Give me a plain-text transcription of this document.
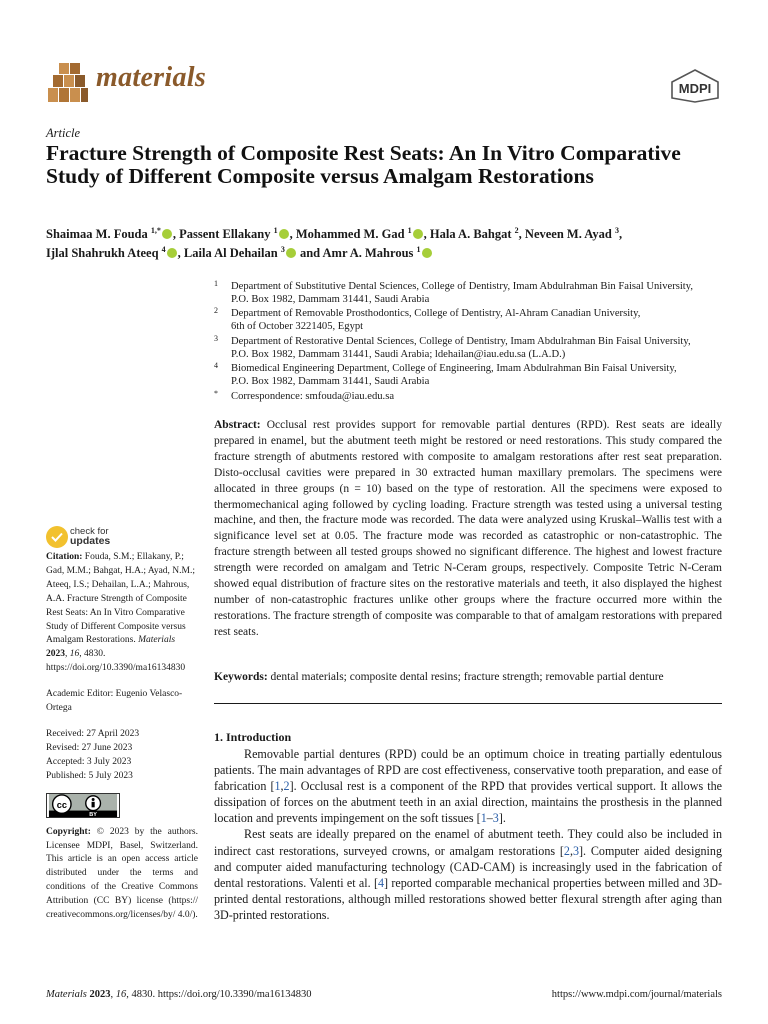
materials	MDPI
Article
Fracture Strength of Composite Rest Seats: An In Vitro Comparative Study of Different Composite versus Amalgam Restorations
Shaimaa M. Fouda $^{1,*}$ , Passent Ellakany $^1$ , Mohammed M. Gad $^1$ , Hala A. Bahgat $^2$, Neveen M. Ayad $^3$,
Ijlal Shahrukh Ateeq $^4$ , Laila Al Dehailan $^3$ and Amr A. Mahrous $^1$
1 Department of Substitutive Dental Sciences, College of Dentistry, Imam Abdulrahman Bin Faisal University,
P.O. Box 1982, Dammam 31441, Saudi Arabia
2 Department of Removable Prosthodontics, College of Dentistry, Al-Ahram Canadian University,
6th of October 3221405, Egypt
3 Department of Restorative Dental Sciences, College of Dentistry, Imam Abdulrahman Bin Faisal University,
P.O. Box 1982, Dammam 31441, Saudi Arabia; ldehailan@iau.edu.sa (L.A.D.)
4 Biomedical Engineering Department, College of Engineering, Imam Abdulrahman Bin Faisal University,
P.O. Box 1982, Dammam 31441, Saudi Arabia
* Correspondence: smfouda@iau.edu.sa
Abstract: Occlusal rest provides support for removable partial dentures (RPD). Rest seats are ideally prepared in enamel, but the abutment teeth might be restored or need restorations. This study compared the fracture strength of abutments restored with composite to amalgam restorations after rest seat preparation. Disto-occlusal cavities were prepared in 30 extracted human maxillary premolars. The specimens were allocated in three groups (n = 10) based on the type of restoration. All the specimens were exposed to thermomechanical aging followed by cycling loading. Fracture strength was tested using a universal testing machine, and then, the fracture mode was recorded. The data were analyzed using Kruskal–Wallis test with a significance level set at 0.05. The fracture mode was recorded as catastrophic or non-catastrophic. The fracture strength between all tested groups showed no significant difference. The highest and lowest fracture strength were recorded on amalgam and Tetric N-Ceram groups, respectively. Composite Tetric N-Ceram showed equal distribution of fracture sites on the restorative materials and teeth, it also displayed the highest number of non-catastrophic fractures unlike other groups where the fracture occurred more within the restorations. The fracture strength of composite was comparable to that of amalgam restorations with prepared rest seats.
Keywords: dental materials; composite dental resins; fracture strength; removable partial denture
1. Introduction

Removable partial dentures (RPD) could be an optimum choice in treating partially edentulous patients. The main advantages of RPD are cost effectiveness, conservative tooth preparation, and ease of fabrication [1,2]. Occlusal rest is a component of the RPD that provides vertical support. It allows the dissipation of forces on the abutment teeth in an axial direction, maintains the prosthesis in the planned location and prevents impingement on the soft tissues [1–3].

Rest seats are ideally prepared on the enamel of abutment teeth. They could also be included in indirect cast restorations, surveyed crowns, or amalgam restorations [2,3]. Computer aided designing and computer aided manufacturing technology (CAD-CAM) is increasingly used in the fabrication of dental restorations. Valenti et al. [4] reported comparable mechanical properties between milled and 3D-printed dental restorations, although milled restorations showed better flexural strength after aging than 3D-printed restorations.

check for
updates
Citation: Fouda, S.M.; Ellakany, P.; Gad, M.M.; Bahgat, H.A.; Ayad, N.M.; Ateeq, I.S.; Dehailan, L.A.; Mahrous, A.A. Fracture Strength of Composite Rest Seats: An In Vitro Comparative Study of Different Composite versus Amalgam Restorations. Materials 2023, 16, 4830. https://doi.org/10.3390/ma16134830
Academic Editor: Eugenio Velasco-Ortega
Received: 27 April 2023
Revised: 27 June 2023
Accepted: 3 July 2023
Published: 5 July 2023
cc
BY
Copyright: © 2023 by the authors. Licensee MDPI, Basel, Switzerland. This article is an open access article distributed under the terms and conditions of the Creative Commons Attribution (CC BY) license (https:// creativecommons.org/licenses/by/ 4.0/).
Materials 2023, 16, 4830. https://doi.org/10.3390/ma16134830	https://www.mdpi.com/journal/materials
